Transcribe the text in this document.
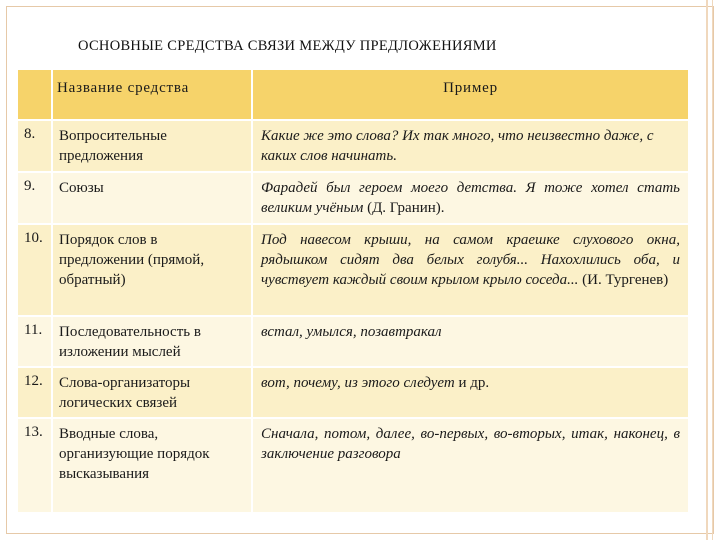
ОСНОВНЫЕ СРЕДСТВА СВЯЗИ МЕЖДУ ПРЕДЛОЖЕНИЯМИ
	Название средства	Пример
8.	Вопросительные предложения	Какие же это слова? Их так много, что неизвестно даже, с каких слов начинать.
9.	Союзы	Фарадей был героем моего детства. Я тоже хотел стать великим учёным (Д. Гранин).

10.	Порядок слов в предложении (прямой, обратный)	Под навесом крыши, на самом краешке слухового окна, рядышком сидят два белых голубя... Нахохлились оба, и чувствует каждый своим крылом крыло соседа... (И. Тургенев)

11.	Последовательность в изложении мыслей	встал, умылся, позавтракал
12.	Слова-организаторы логических связей	вот, почему, из этого следует и др.
13.	Вводные слова, организующие порядок высказывания	Сначала, потом, далее, во-первых, во-вторых, итак, наконец, в заключение разговора
